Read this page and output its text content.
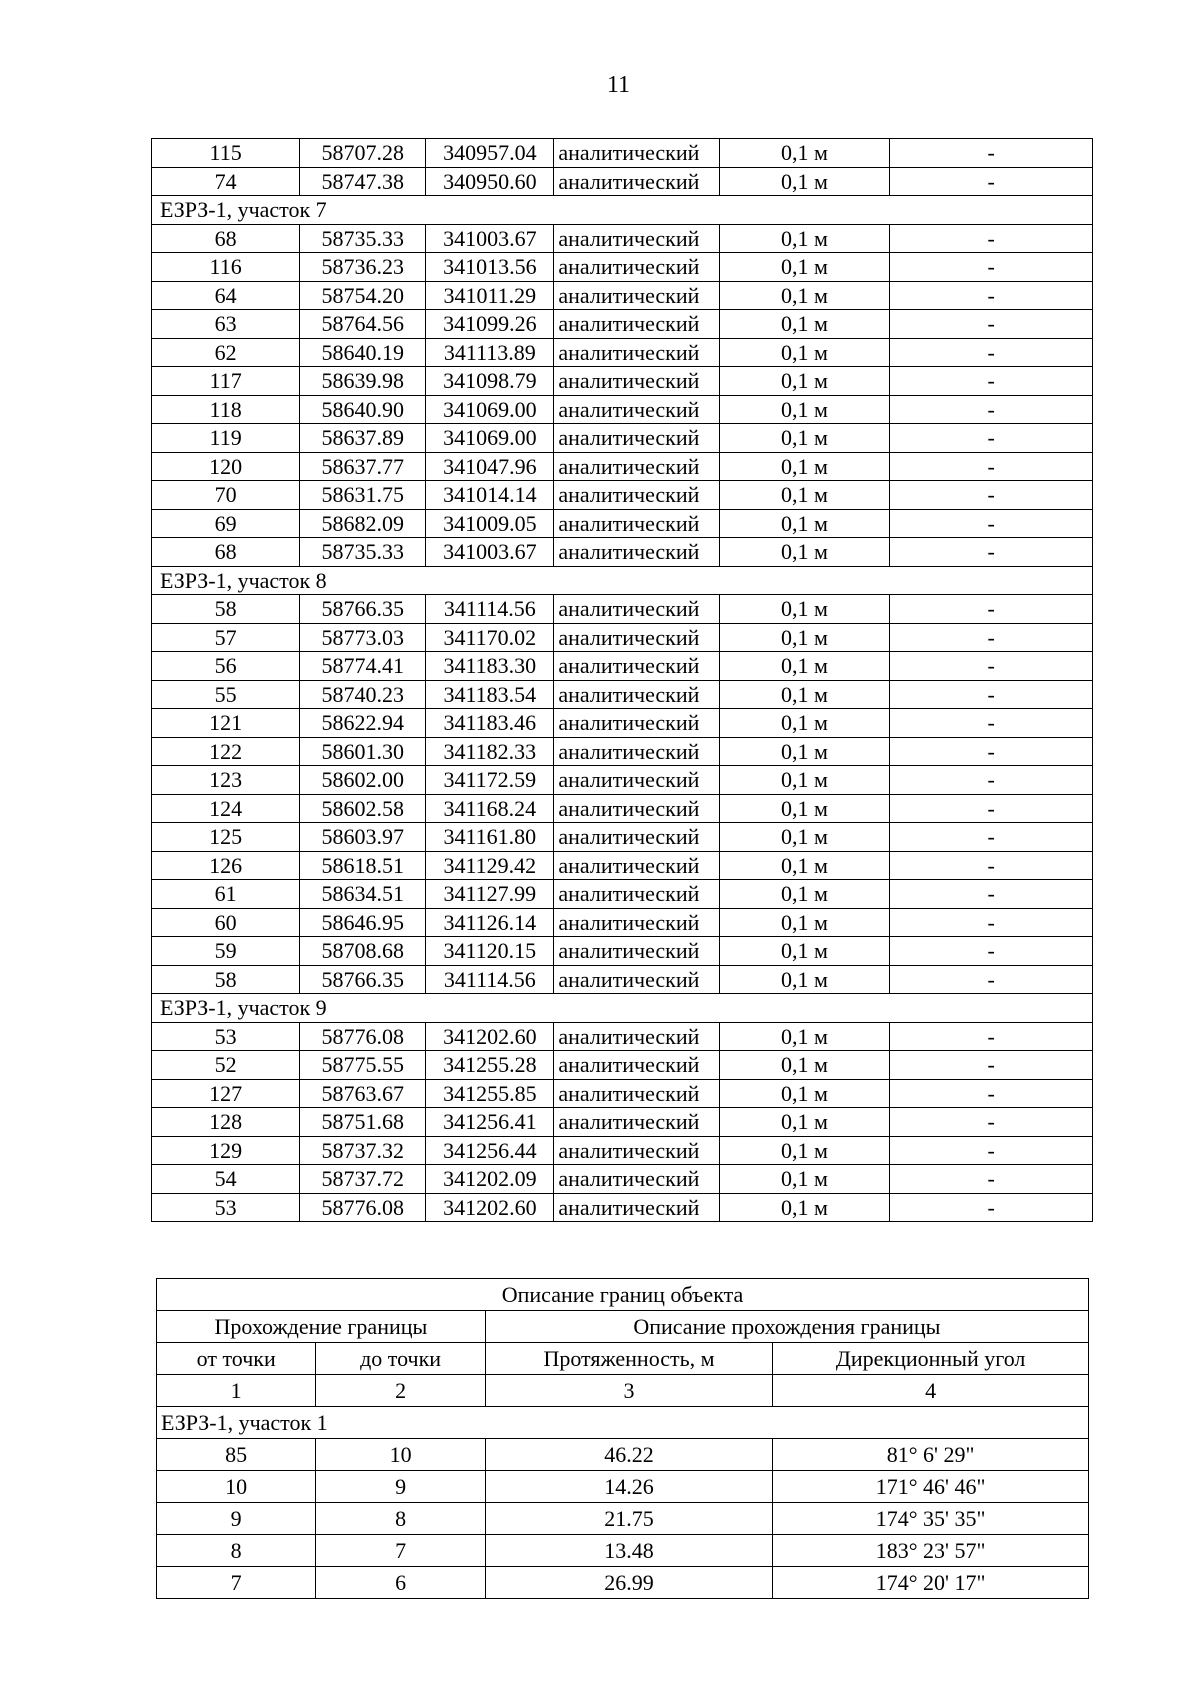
11
115	58707.28	340957.04	аналитический	0,1 м	-
74	58747.38	340950.60	аналитический	0,1 м	-
ЕЗРЗ-1, участок 7					
68	58735.33	341003.67	аналитический	0,1 м	-
116	58736.23	341013.56	аналитический	0,1 м	-
64	58754.20	341011.29	аналитический	0,1 м	-
63	58764.56	341099.26	аналитический	0,1 м	-
62	58640.19	341113.89	аналитический	0,1 м	-
117	58639.98	341098.79	аналитический	0,1 м	-
118	58640.90	341069.00	аналитический	0,1 м	-
119	58637.89	341069.00	аналитический	0,1 м	-
120	58637.77	341047.96	аналитический	0,1 м	-
70	58631.75	341014.14	аналитический	0,1 м	-
69	58682.09	341009.05	аналитический	0,1 м	-
68	58735.33	341003.67	аналитический	0,1 м	-
ЕЗРЗ-1, участок 8					
58	58766.35	341114.56	аналитический	0,1 м	-
57	58773.03	341170.02	аналитический	0,1 м	-
56	58774.41	341183.30	аналитический	0,1 м	-
55	58740.23	341183.54	аналитический	0,1 м	-
121	58622.94	341183.46	аналитический	0,1 м	-
122	58601.30	341182.33	аналитический	0,1 м	-
123	58602.00	341172.59	аналитический	0,1 м	-
124	58602.58	341168.24	аналитический	0,1 м	-
125	58603.97	341161.80	аналитический	0,1 м	-
126	58618.51	341129.42	аналитический	0,1 м	-
61	58634.51	341127.99	аналитический	0,1 м	-
60	58646.95	341126.14	аналитический	0,1 м	-
59	58708.68	341120.15	аналитический	0,1 м	-
58	58766.35	341114.56	аналитический	0,1 м	-
ЕЗРЗ-1, участок 9					
53	58776.08	341202.60	аналитический	0,1 м	-
52	58775.55	341255.28	аналитический	0,1 м	-
127	58763.67	341255.85	аналитический	0,1 м	-
128	58751.68	341256.41	аналитический	0,1 м	-
129	58737.32	341256.44	аналитический	0,1 м	-
54	58737.72	341202.09	аналитический	0,1 м	-
53	58776.08	341202.60	аналитический	0,1 м	-
Описание границ объекта			
Прохождение границы		Описание прохождения границы	
от точки	до точки	Протяженность, м	Дирекционный угол
1	2	3	4
ЕЗРЗ-1, участок 1			
85	10	46.22	81° 6' 29"
10	9	14.26	171° 46' 46"
9	8	21.75	174° 35' 35"
8	7	13.48	183° 23' 57"
7	6	26.99	174° 20' 17"
